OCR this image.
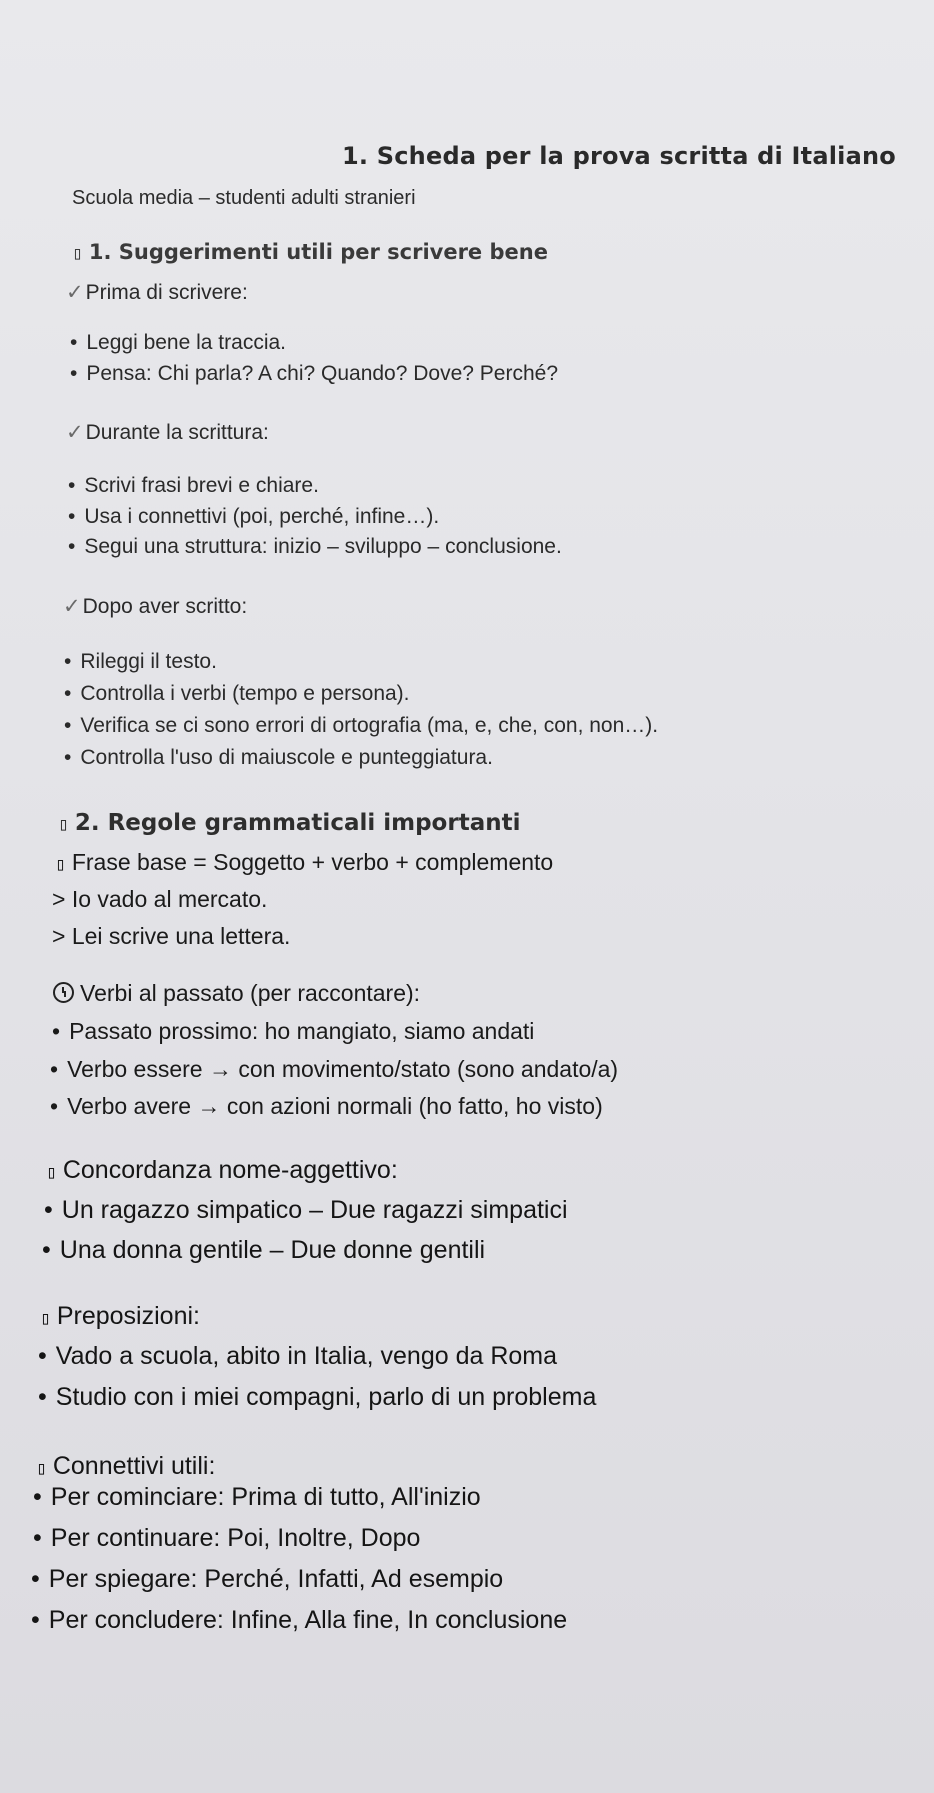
1. Scheda per la prova scritta di Italiano
Scuola media – studenti adulti stranieri
▯ 1. Suggerimenti utili per scrivere bene
✓Prima di scrivere:
• Leggi bene la traccia.
• Pensa: Chi parla? A chi? Quando? Dove? Perché?
✓Durante la scrittura:
• Scrivi frasi brevi e chiare.
• Usa i connettivi (poi, perché, infine…).
• Segui una struttura: inizio – sviluppo – conclusione.
✓Dopo aver scritto:
• Rileggi il testo.
• Controlla i verbi (tempo e persona).
• Verifica se ci sono errori di ortografia (ma, e, che, con, non…).
• Controlla l'uso di maiuscole e punteggiatura.
▯ 2. Regole grammaticali importanti
▯ Frase base = Soggetto + verbo + complemento
> Io vado al mercato.
> Lei scrive una lettera.
Verbi al passato (per raccontare):
• Passato prossimo: ho mangiato, siamo andati
• Verbo essere → con movimento/stato (sono andato/a)
• Verbo avere → con azioni normali (ho fatto, ho visto)
▯ Concordanza nome-aggettivo:
• Un ragazzo simpatico – Due ragazzi simpatici
• Una donna gentile – Due donne gentili
▯ Preposizioni:
• Vado a scuola, abito in Italia, vengo da Roma
• Studio con i miei compagni, parlo di un problema
▯ Connettivi utili:
• Per cominciare: Prima di tutto, All'inizio
• Per continuare: Poi, Inoltre, Dopo
• Per spiegare: Perché, Infatti, Ad esempio
• Per concludere: Infine, Alla fine, In conclusione
